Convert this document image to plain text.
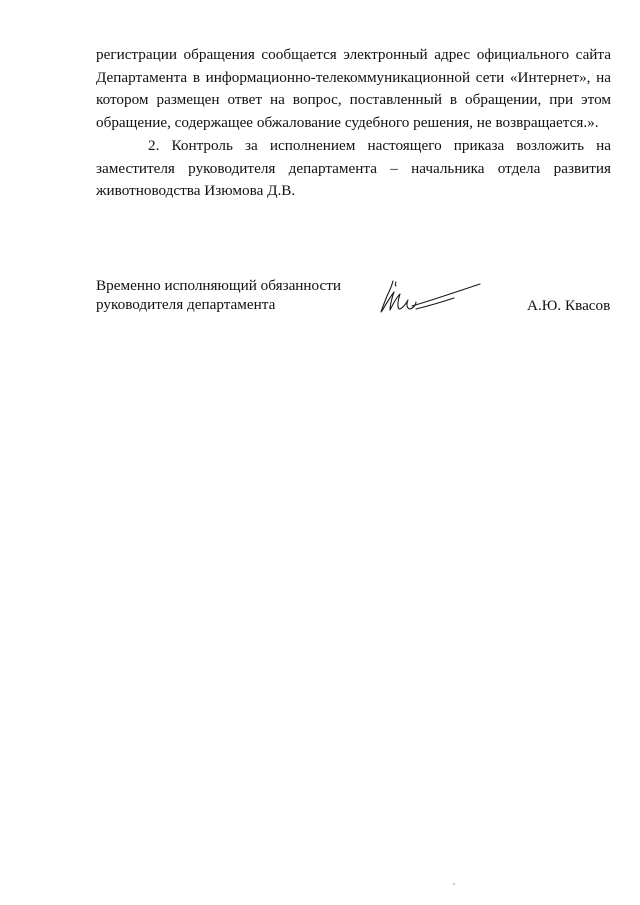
регистрации обращения сообщается электронный адрес официального сайта Департамента в информационно-телекоммуникационной сети «Интернет», на котором размещен ответ на вопрос, поставленный в обращении, при этом обращение, содержащее обжалование судебного решения, не возвращается.».

2. Контроль за исполнением настоящего приказа возложить на заместителя руководителя департамента – начальника отдела развития животноводства Изюмова Д.В.

Временно исполняющий обязанности
руководителя департамента	А.Ю. Квасов
